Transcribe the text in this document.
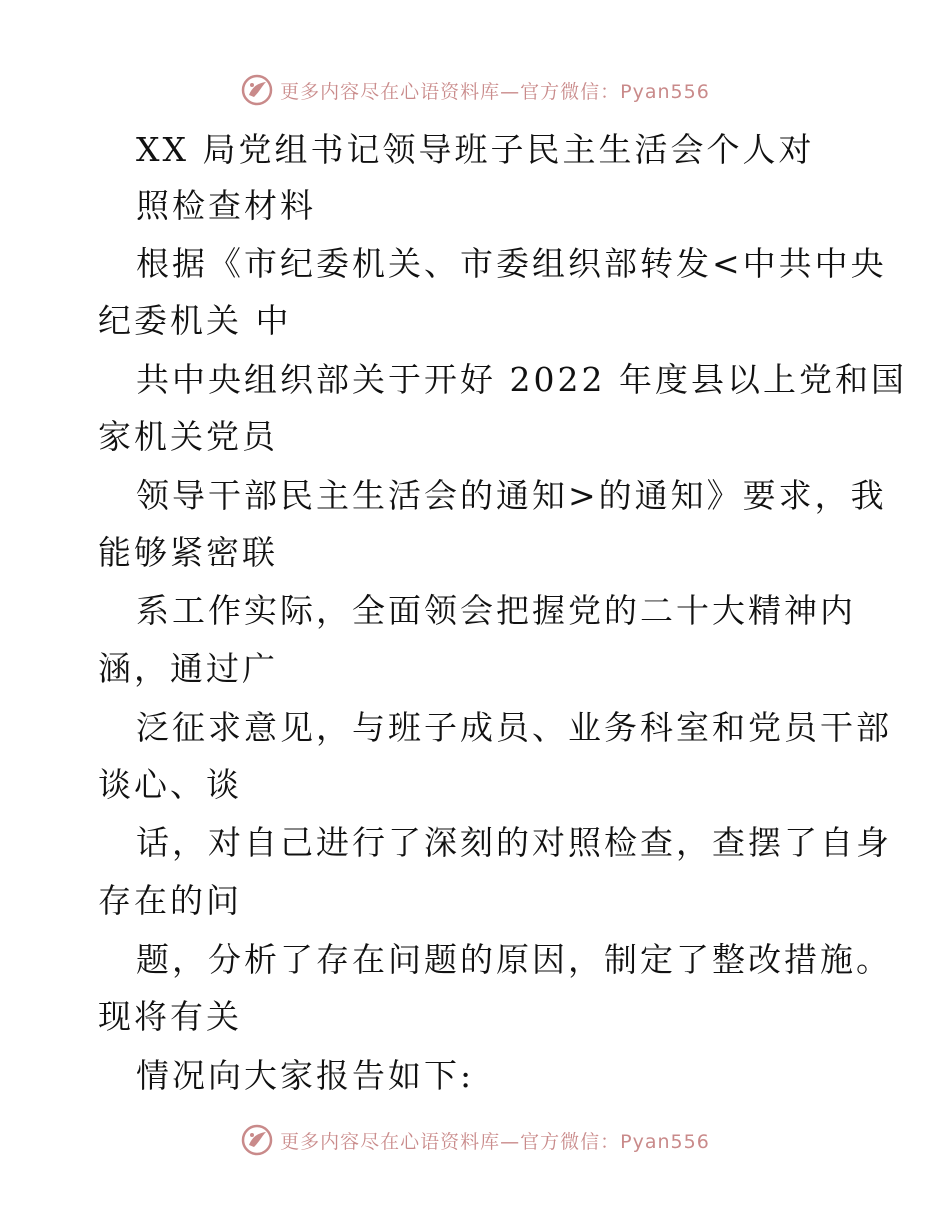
更多内容尽在心语资料库—官方微信：Pyan556
XX 局党组书记领导班子民主生活会个人对
照检查材料
根据《市纪委机关、市委组织部转发<中共中央
纪委机关 中
共中央组织部关于开好 2022 年度县以上党和国
家机关党员
领导干部民主生活会的通知>的通知》要求，我
能够紧密联
系工作实际，全面领会把握党的二十大精神内
涵，通过广
泛征求意见，与班子成员、业务科室和党员干部
谈心、谈
话，对自己进行了深刻的对照检查，查摆了自身
存在的问
题，分析了存在问题的原因，制定了整改措施。
现将有关
情况向大家报告如下:
更多内容尽在心语资料库—官方微信：Pyan556
